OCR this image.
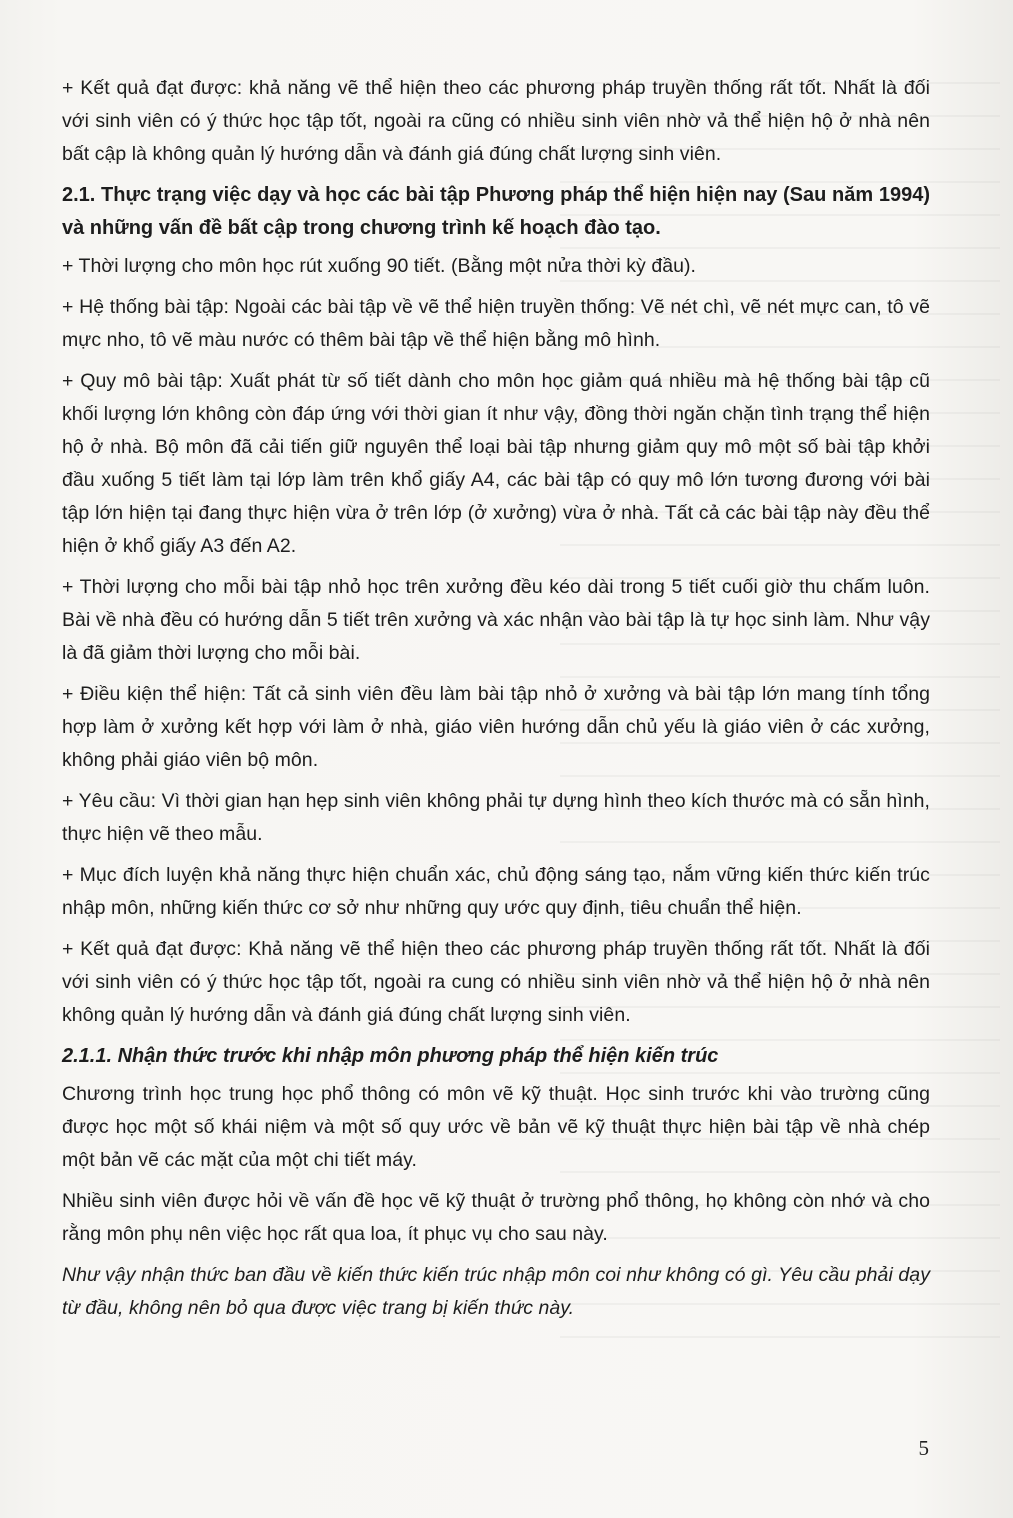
+ Kết quả đạt được: khả năng vẽ thể hiện theo các phương pháp truyền thống rất tốt. Nhất là đối với sinh viên có ý thức học tập tốt, ngoài ra cũng có nhiều sinh viên nhờ vả thể hiện hộ ở nhà nên bất cập là không quản lý hướng dẫn và đánh giá đúng chất lượng sinh viên.

2.1. Thực trạng việc dạy và học các bài tập Phương pháp thể hiện hiện nay (Sau năm 1994) và những vấn đề bất cập trong chương trình kế hoạch đào tạo.

+ Thời lượng cho môn học rút xuống 90 tiết. (Bằng một nửa thời kỳ đầu).

+ Hệ thống bài tập: Ngoài các bài tập về vẽ thể hiện truyền thống: Vẽ nét chì, vẽ nét mực can, tô vẽ mực nho, tô vẽ màu nước có thêm bài tập về thể hiện bằng mô hình.

+ Quy mô bài tập: Xuất phát từ số tiết dành cho môn học giảm quá nhiều mà hệ thống bài tập cũ khối lượng lớn không còn đáp ứng với thời gian ít như vậy, đồng thời ngăn chặn tình trạng thể hiện hộ ở nhà. Bộ môn đã cải tiến giữ nguyên thể loại bài tập nhưng giảm quy mô một số bài tập khởi đầu xuống 5 tiết làm tại lớp làm trên khổ giấy A4, các bài tập có quy mô lớn tương đương với bài tập lớn hiện tại đang thực hiện vừa ở trên lớp (ở xưởng) vừa ở nhà. Tất cả các bài tập này đều thể hiện ở khổ giấy A3 đến A2.

+ Thời lượng cho mỗi bài tập nhỏ học trên xưởng đều kéo dài trong 5 tiết cuối giờ thu chấm luôn. Bài về nhà đều có hướng dẫn 5 tiết trên xưởng và xác nhận vào bài tập là tự học sinh làm. Như vậy là đã giảm thời lượng cho mỗi bài.

+ Điều kiện thể hiện: Tất cả sinh viên đều làm bài tập nhỏ ở xưởng và bài tập lớn mang tính tổng hợp làm ở xưởng kết hợp với làm ở nhà, giáo viên hướng dẫn chủ yếu là giáo viên ở các xưởng, không phải giáo viên bộ môn.

+ Yêu cầu: Vì thời gian hạn hẹp sinh viên không phải tự dựng hình theo kích thước mà có sẵn hình, thực hiện vẽ theo mẫu.

+ Mục đích luyện khả năng thực hiện chuẩn xác, chủ động sáng tạo, nắm vững kiến thức kiến trúc nhập môn, những kiến thức cơ sở như những quy ước quy định, tiêu chuẩn thể hiện.

+ Kết quả đạt được: Khả năng vẽ thể hiện theo các phương pháp truyền thống rất tốt. Nhất là đối với sinh viên có ý thức học tập tốt, ngoài ra cung có nhiều sinh viên nhờ vả thể hiện hộ ở nhà nên không quản lý hướng dẫn và đánh giá đúng chất lượng sinh viên.

2.1.1. Nhận thức trước khi nhập môn phương pháp thể hiện kiến trúc

Chương trình học trung học phổ thông có môn vẽ kỹ thuật. Học sinh trước khi vào trường cũng được học một số khái niệm và một số quy ước về bản vẽ kỹ thuật thực hiện bài tập về nhà chép một bản vẽ các mặt của một chi tiết máy.

Nhiều sinh viên được hỏi về vấn đề học vẽ kỹ thuật ở trường phổ thông, họ không còn nhớ và cho rằng môn phụ nên việc học rất qua loa, ít phục vụ cho sau này.

Như vậy nhận thức ban đầu về kiến thức kiến trúc nhập môn coi như không có gì. Yêu cầu phải dạy từ đầu, không nên bỏ qua được việc trang bị kiến thức này.

5
